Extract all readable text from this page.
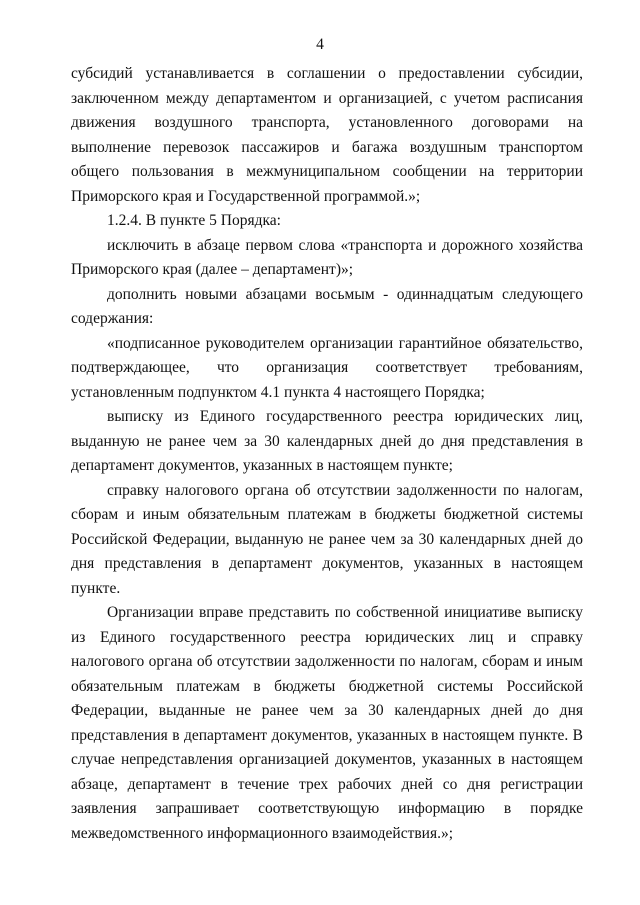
4

субсидий устанавливается в соглашении о предоставлении субсидии, заключенном между департаментом и организацией, с учетом расписания движения воздушного транспорта, установленного договорами на выполнение перевозок пассажиров и багажа воздушным транспортом общего пользования в межмуниципальном сообщении на территории Приморского края и Государственной программой.»;

1.2.4. В пункте 5 Порядка:

исключить в абзаце первом слова «транспорта и дорожного хозяйства Приморского края (далее – департамент)»;

дополнить новыми абзацами восьмым - одиннадцатым следующего содержания:

«подписанное руководителем организации гарантийное обязательство, подтверждающее, что организация соответствует требованиям, установленным подпунктом 4.1 пункта 4 настоящего Порядка;

выписку из Единого государственного реестра юридических лиц, выданную не ранее чем за 30 календарных дней до дня представления в департамент документов, указанных в настоящем пункте;

справку налогового органа об отсутствии задолженности по налогам, сборам и иным обязательным платежам в бюджеты бюджетной системы Российской Федерации, выданную не ранее чем за 30 календарных дней до дня представления в департамент документов, указанных в настоящем пункте.

Организации вправе представить по собственной инициативе выписку из Единого государственного реестра юридических лиц и справку налогового органа об отсутствии задолженности по налогам, сборам и иным обязательным платежам в бюджеты бюджетной системы Российской Федерации, выданные не ранее чем за 30 календарных дней до дня представления в департамент документов, указанных в настоящем пункте. В случае непредставления организацией документов, указанных в настоящем абзаце, департамент в течение трех рабочих дней со дня регистрации заявления запрашивает соответствующую информацию в порядке межведомственного информационного взаимодействия.»;
